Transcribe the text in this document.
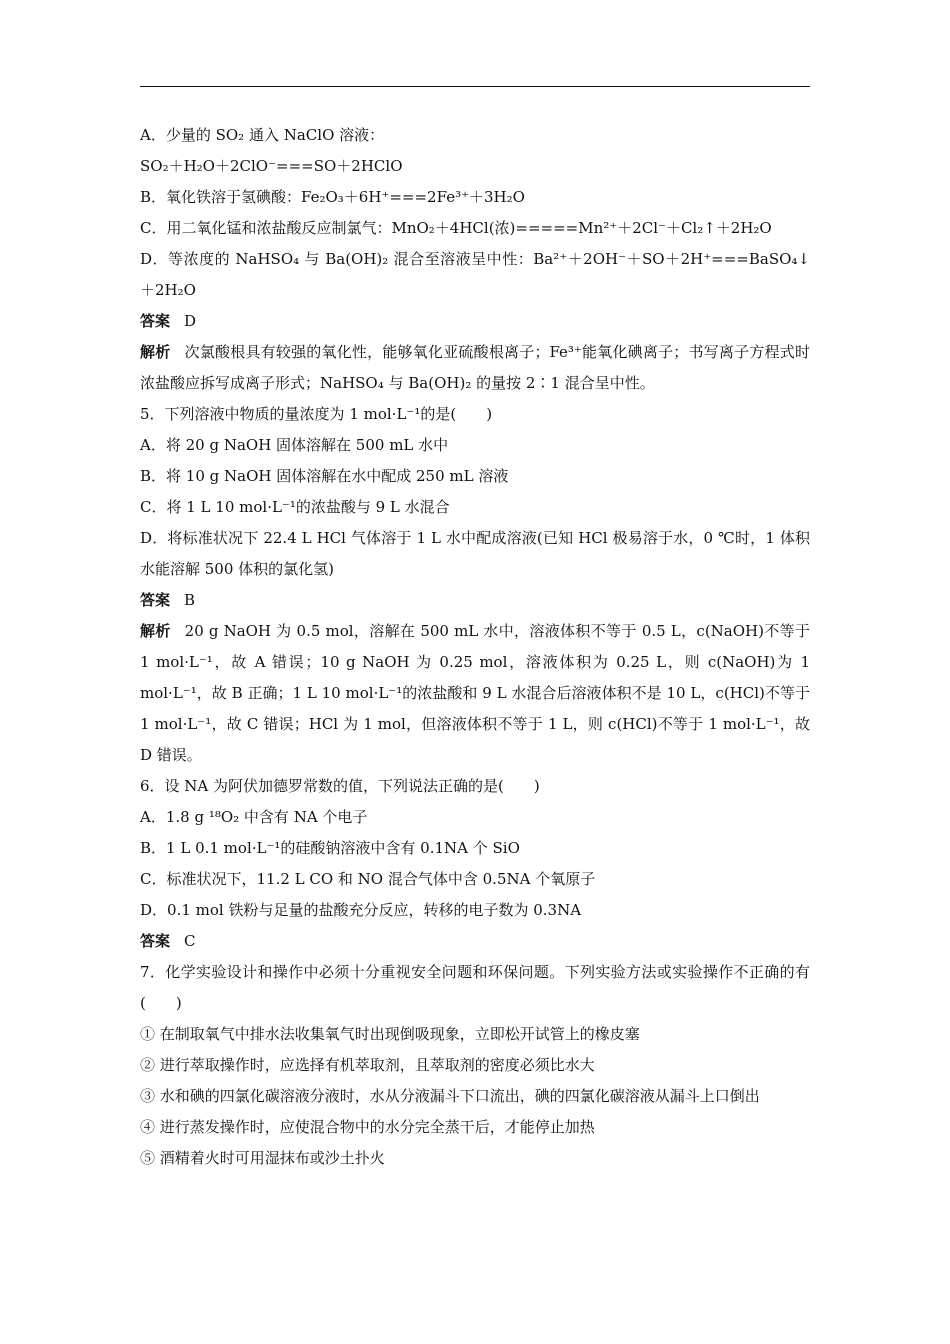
A．少量的 SO₂ 通入 NaClO 溶液：
SO₂＋H₂O＋2ClO⁻===SO＋2HClO
B．氧化铁溶于氢碘酸：Fe₂O₃＋6H⁺===2Fe³⁺＋3H₂O
C．用二氧化锰和浓盐酸反应制氯气：MnO₂＋4HCl(浓)=====Mn²⁺＋2Cl⁻＋Cl₂↑＋2H₂O
D．等浓度的 NaHSO₄ 与 Ba(OH)₂ 混合至溶液呈中性：Ba²⁺＋2OH⁻＋SO＋2H⁺===BaSO₄↓＋2H₂O
答案 D
解析 次氯酸根具有较强的氧化性，能够氧化亚硫酸根离子；Fe³⁺能氧化碘离子；书写离子方程式时浓盐酸应拆写成离子形式；NaHSO₄ 与 Ba(OH)₂ 的量按 2∶1 混合呈中性。
5．下列溶液中物质的量浓度为 1 mol·L⁻¹的是(　　)
A．将 20 g NaOH 固体溶解在 500 mL 水中
B．将 10 g NaOH 固体溶解在水中配成 250 mL 溶液
C．将 1 L 10 mol·L⁻¹的浓盐酸与 9 L 水混合
D．将标准状况下 22.4 L HCl 气体溶于 1 L 水中配成溶液(已知 HCl 极易溶于水，0 ℃时，1 体积水能溶解 500 体积的氯化氢)
答案 B
解析 20 g NaOH 为 0.5 mol，溶解在 500 mL 水中，溶液体积不等于 0.5 L，c(NaOH)不等于 1 mol·L⁻¹，故 A 错误；10 g NaOH 为 0.25 mol，溶液体积为 0.25 L，则 c(NaOH)为 1 mol·L⁻¹，故 B 正确；1 L 10 mol·L⁻¹的浓盐酸和 9 L 水混合后溶液体积不是 10 L，c(HCl)不等于 1 mol·L⁻¹，故 C 错误；HCl 为 1 mol，但溶液体积不等于 1 L，则 c(HCl)不等于 1 mol·L⁻¹，故 D 错误。
6．设 NA 为阿伏加德罗常数的值，下列说法正确的是(　　)
A．1.8 g ¹⁸O₂ 中含有 NA 个电子
B．1 L 0.1 mol·L⁻¹的硅酸钠溶液中含有 0.1NA 个 SiO
C．标准状况下，11.2 L CO 和 NO 混合气体中含 0.5NA 个氧原子
D．0.1 mol 铁粉与足量的盐酸充分反应，转移的电子数为 0.3NA
答案 C
7．化学实验设计和操作中必须十分重视安全问题和环保问题。下列实验方法或实验操作不正确的有(　　)
① 在制取氧气中排水法收集氧气时出现倒吸现象，立即松开试管上的橡皮塞
② 进行萃取操作时，应选择有机萃取剂，且萃取剂的密度必须比水大
③ 水和碘的四氯化碳溶液分液时，水从分液漏斗下口流出，碘的四氯化碳溶液从漏斗上口倒出
④ 进行蒸发操作时，应使混合物中的水分完全蒸干后，才能停止加热
⑤ 酒精着火时可用湿抹布或沙土扑火
